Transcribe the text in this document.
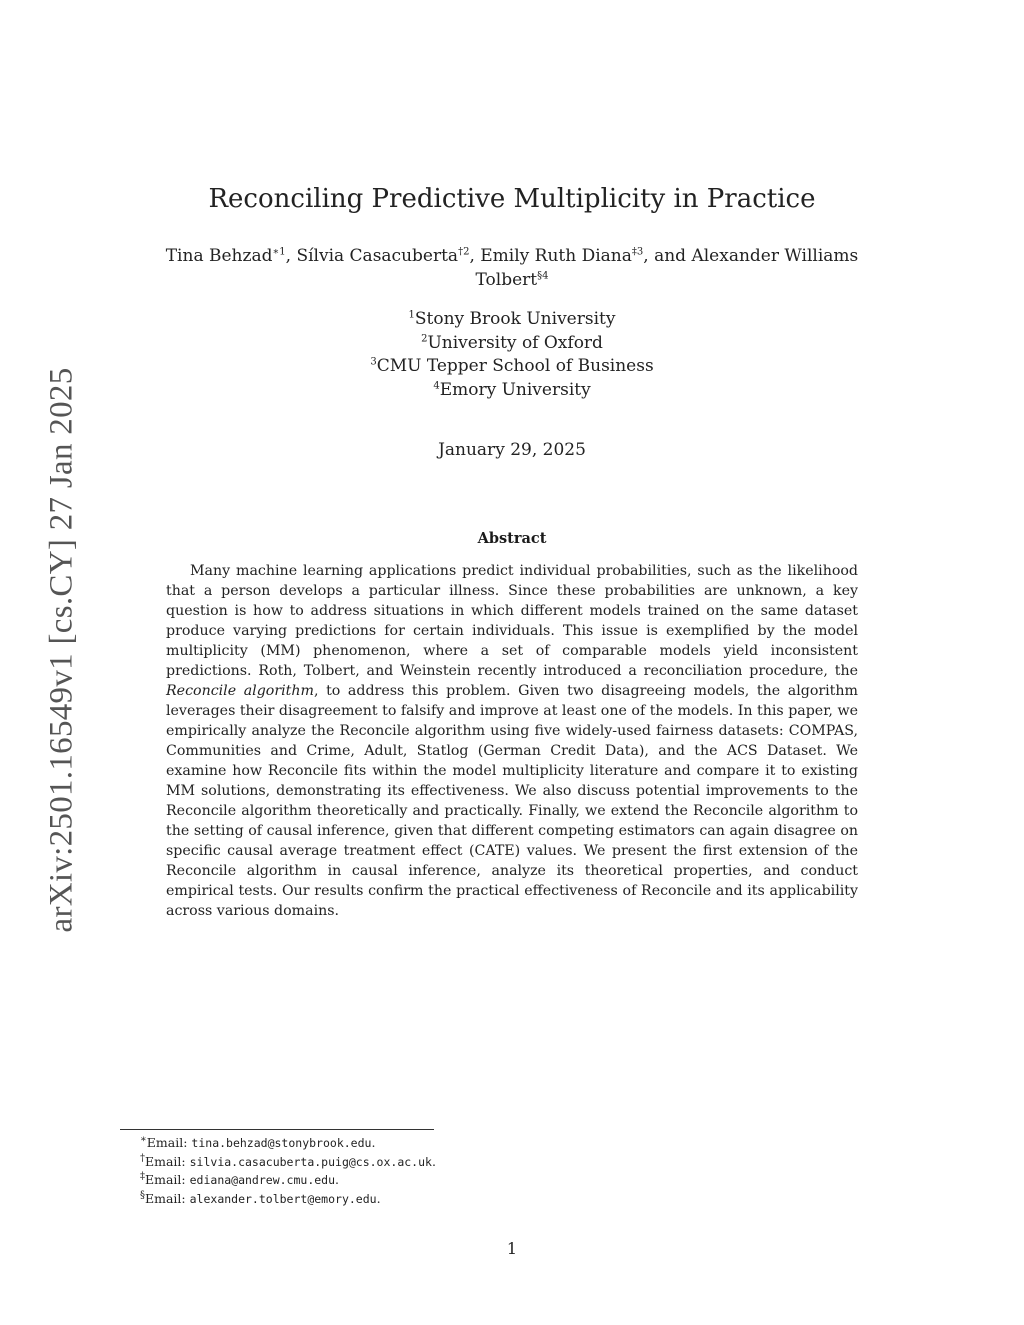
arXiv:2501.16549v1 [cs.CY] 27 Jan 2025
Reconciling Predictive Multiplicity in Practice
Tina Behzad$^{∗1}$, Sílvia Casacuberta$^{\dagger 2}$, Emily Ruth Diana$^{\ddagger 3}$, and Alexander Williams Tolbert$^{\S 4}$
$^1$Stony Brook University
$^2$University of Oxford
$^3$CMU Tepper School of Business
$^4$Emory University
January 29, 2025
Abstract

Many machine learning applications predict individual probabilities, such as the likelihood that a person develops a particular illness. Since these probabilities are unknown, a key question is how to address situations in which different models trained on the same dataset produce varying predictions for certain individuals. This issue is exemplified by the model multiplicity (MM) phenomenon, where a set of comparable models yield inconsistent predictions. Roth, Tolbert, and Weinstein recently introduced a reconciliation procedure, the Reconcile algorithm, to address this problem. Given two disagreeing models, the algorithm leverages their disagreement to falsify and improve at least one of the models. In this paper, we empirically analyze the Reconcile algorithm using five widely-used fairness datasets: COMPAS, Communities and Crime, Adult, Statlog (German Credit Data), and the ACS Dataset. We examine how Reconcile fits within the model multiplicity literature and compare it to existing MM solutions, demonstrating its effectiveness. We also discuss potential improvements to the Reconcile algorithm theoretically and practically. Finally, we extend the Reconcile algorithm to the setting of causal inference, given that different competing estimators can again disagree on specific causal average treatment effect (CATE) values. We present the first extension of the Reconcile algorithm in causal inference, analyze its theoretical properties, and conduct empirical tests. Our results confirm the practical effectiveness of Reconcile and its applicability across various domains.

∗Email: tina.behzad@stonybrook.edu.
†Email: silvia.casacuberta.puig@cs.ox.ac.uk.
‡Email: ediana@andrew.cmu.edu.
§Email: alexander.tolbert@emory.edu.
1
